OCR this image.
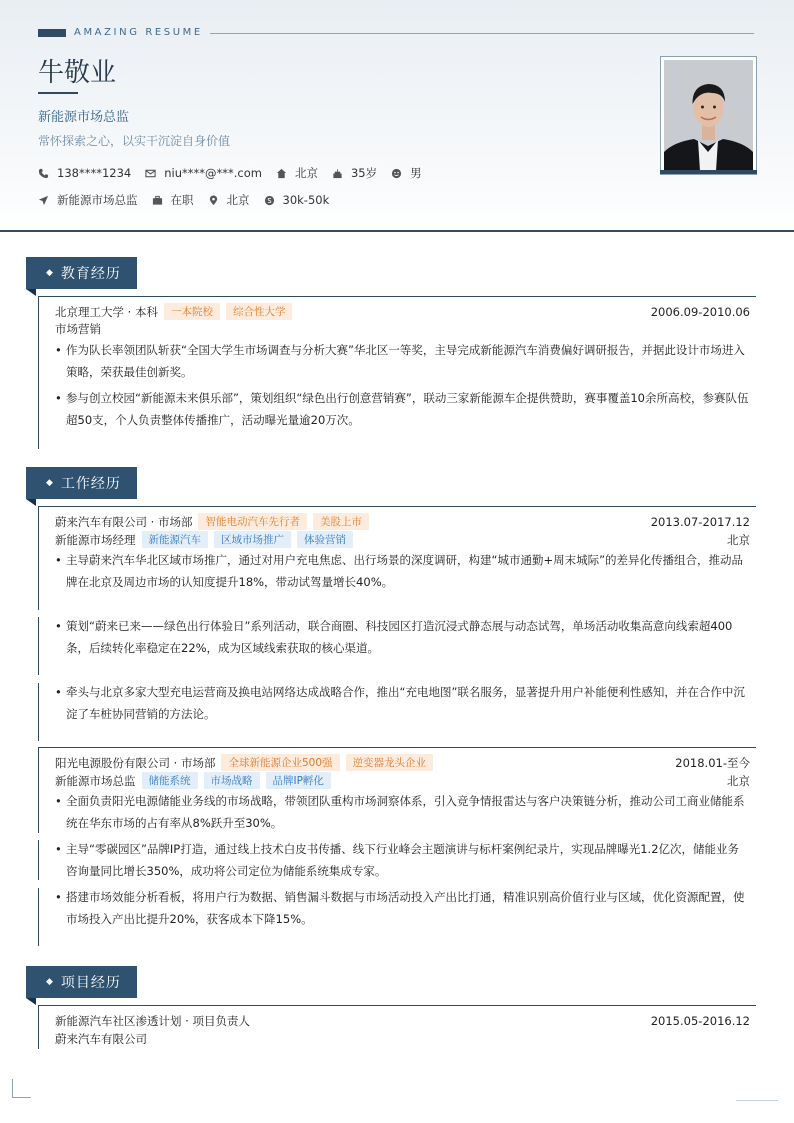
AMAZING RESUME
牛敬业
新能源市场总监
常怀探索之心，以实干沉淀自身价值
138****1234	niu****@***.com	北京	35岁	男
新能源市场总监	在职	北京	30k-50k
◆ 教育经历
北京理工大学 · 本科	一本院校	综合性大学	2006.09-2010.06
市场营销
• 作为队长率领团队斩获“全国大学生市场调查与分析大赛”华北区一等奖，主导完成新能源汽车消费偏好调研报告，并据此设计市场进入策略，荣获最佳创新奖。
• 参与创立校园“新能源未来俱乐部”，策划组织“绿色出行创意营销赛”，联动三家新能源车企提供赞助，赛事覆盖10余所高校，参赛队伍超50支，个人负责整体传播推广，活动曝光量逾20万次。
◆ 工作经历
蔚来汽车有限公司 · 市场部	智能电动汽车先行者	美股上市	2013.07-2017.12
新能源市场经理	新能源汽车	区域市场推广	体验营销	北京
• 主导蔚来汽车华北区域市场推广，通过对用户充电焦虑、出行场景的深度调研，构建“城市通勤+周末城际”的差异化传播组合，推动品牌在北京及周边市场的认知度提升18%，带动试驾量增长40%。
• 策划“蔚来已来——绿色出行体验日”系列活动，联合商圈、科技园区打造沉浸式静态展与动态试驾，单场活动收集高意向线索超400条，后续转化率稳定在22%，成为区域线索获取的核心渠道。
• 牵头与北京多家大型充电运营商及换电站网络达成战略合作，推出“充电地图”联名服务，显著提升用户补能便利性感知，并在合作中沉淀了车桩协同营销的方法论。
阳光电源股份有限公司 · 市场部	全球新能源企业500强	逆变器龙头企业	2018.01-至今
新能源市场总监	储能系统	市场战略	品牌IP孵化	北京
• 全面负责阳光电源储能业务线的市场战略，带领团队重构市场洞察体系，引入竞争情报雷达与客户决策链分析，推动公司工商业储能系统在华东市场的占有率从8%跃升至30%。
• 主导“零碳园区”品牌IP打造，通过线上技术白皮书传播、线下行业峰会主题演讲与标杆案例纪录片，实现品牌曝光1.2亿次，储能业务咨询量同比增长350%，成功将公司定位为储能系统集成专家。
• 搭建市场效能分析看板，将用户行为数据、销售漏斗数据与市场活动投入产出比打通，精准识别高价值行业与区域，优化资源配置，使市场投入产出比提升20%，获客成本下降15%。
◆ 项目经历
新能源汽车社区渗透计划 · 项目负责人	2015.05-2016.12
蔚来汽车有限公司
